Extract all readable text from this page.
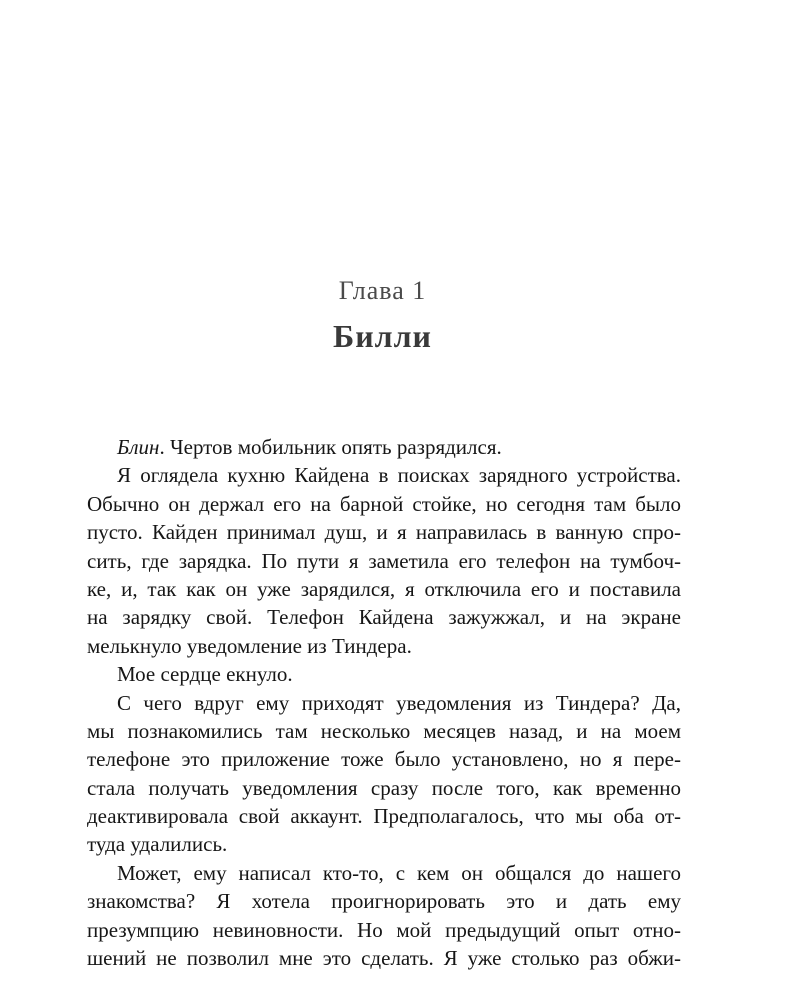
Глава 1
Билли
Блин. Чертов мобильник опять разрядился.
Я оглядела кухню Кайдена в поисках зарядного устройства.
Обычно он держал его на барной стойке, но сегодня там было
пусто. Кайден принимал душ, и я направилась в ванную спро-
сить, где зарядка. По пути я заметила его телефон на тумбоч-
ке, и, так как он уже зарядился, я отключила его и поставила
на зарядку свой. Телефон Кайдена зажужжал, и на экране
мелькнуло уведомление из Тиндера.
Мое сердце екнуло.
С чего вдруг ему приходят уведомления из Тиндера? Да,
мы познакомились там несколько месяцев назад, и на моем
телефоне это приложение тоже было установлено, но я пере-
стала получать уведомления сразу после того, как временно
деактивировала свой аккаунт. Предполагалось, что мы оба от-
туда удалились.
Может, ему написал кто-то, с кем он общался до нашего
знакомства? Я хотела проигнорировать это и дать ему
презумпцию невиновности. Но мой предыдущий опыт отно-
шений не позволил мне это сделать. Я уже столько раз обжи-
